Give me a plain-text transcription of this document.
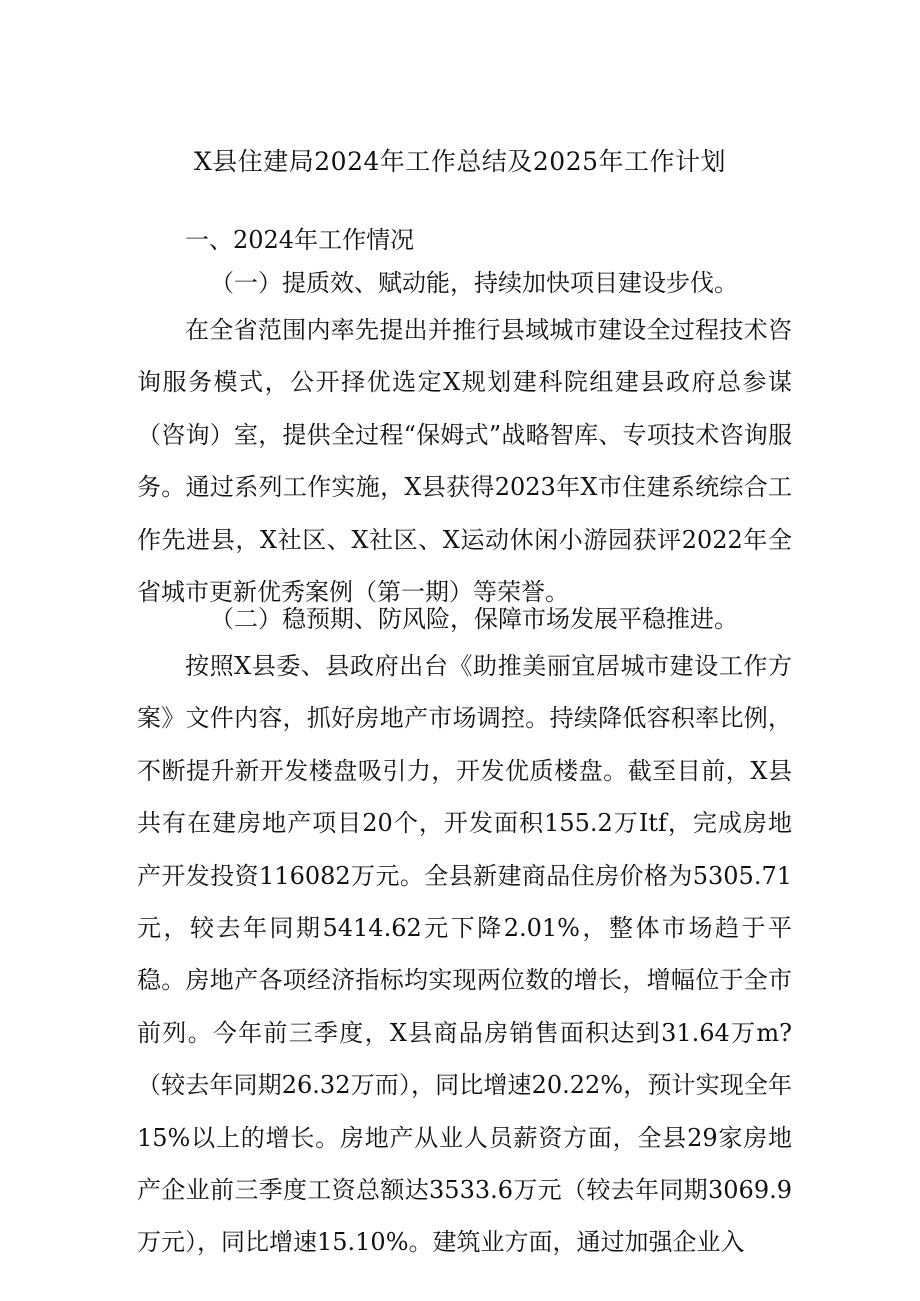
X县住建局2024年工作总结及2025年工作计划
一、2024年工作情况
（一）提质效、赋动能，持续加快项目建设步伐。
在全省范围内率先提出并推行县域城市建设全过程技术咨询服务模式，公开择优选定X规划建科院组建县政府总参谋（咨询）室，提供全过程“保姆式”战略智库、专项技术咨询服务。通过系列工作实施，X县获得2023年X市住建系统综合工作先进县，X社区、X社区、X运动休闲小游园获评2022年全省城市更新优秀案例（第一期）等荣誉。
（二）稳预期、防风险，保障市场发展平稳推进。
按照X县委、县政府出台《助推美丽宜居城市建设工作方案》文件内容，抓好房地产市场调控。持续降低容积率比例，不断提升新开发楼盘吸引力，开发优质楼盘。截至目前，X县共有在建房地产项目20个，开发面积155.2万Itf，完成房地产开发投资116082万元。全县新建商品住房价格为5305.71元，较去年同期5414.62元下降2.01%，整体市场趋于平稳。房地产各项经济指标均实现两位数的增长，增幅位于全市前列。今年前三季度，X县商品房销售面积达到31.64万m?（较去年同期26.32万而），同比增速20.22%，预计实现全年15%以上的增长。房地产从业人员薪资方面，全县29家房地产企业前三季度工资总额达3533.6万元（较去年同期3069.9万元），同比增速15.10%。建筑业方面，通过加强企业入
